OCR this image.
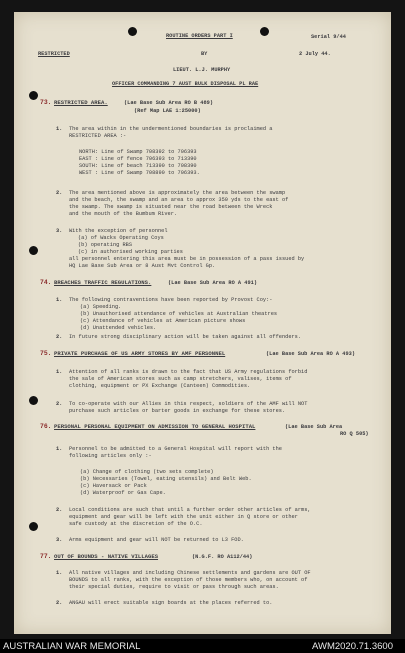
ROUTINE ORDERS PART I	Serial 9/44
RESTRICTED	BY	2 July 44.
LIEUT. L.J. MURPHY
OFFICER COMMANDING 7 AUST BULK DISPOSAL PL RAE
73. RESTRICTED AREA.	(Lae Base Sub Area RO B 489)
(Ref Map LAE 1:25000)
1. The area within in the undermentioned boundaries is proclaimed a
RESTRICTED AREA :-
NORTH: Line of Swamp 708392 to 706393
EAST : Line of fence 706393 to 713390
SOUTH: Line of beach 713390 to 708390
WEST : Line of Swamp 708890 to 706393.
2. The area mentioned above is approximately the area between the swamp
and the beach, the swamp and an area to approx 350 yds to the east of
the swamp. The swamp is situated near the road between the Wreck
and the mouth of the Bumbum River.
3. With the exception of personnel
(a) of Wacks Operating Coys
(b) operating RBS
(c) in authorised working parties
all personnel entering this area must be in possession of a pass issued by
HQ Lae Base Sub Area or 8 Aust Mvt Control Gp.
74. BREACHES TRAFFIC REGULATIONS.	(Lae Base Sub Area RO A 491)
1. The following contraventions have been reported by Provost Coy:-
(a) Speeding.
(b) Unauthorised attendance of vehicles at Australian theatres
(c) Attendance of vehicles at American picture shows
(d) Unattended vehicles.
2. In future strong disciplinary action will be taken against all offenders.
75. PRIVATE PURCHASE OF US ARMY STORES BY AMF PERSONNEL	(Lae Base Sub Area RO A 493)
1. Attention of all ranks is drawn to the fact that US Army regulations forbid
the sale of American stores such as camp stretchers, valises, items of
clothing, equipment or PX Exchange (Canteen) Commodities.
2. To co-operate with our Allies in this respect, soldiers of the AMF will NOT
purchase such articles or barter goods in exchange for these stores.
76. PERSONAL PERSONAL EQUIPMENT ON ADMISSION TO GENERAL HOSPITAL	(Lae Base Sub Area
RO Q 505)
1. Personnel to be admitted to a General Hospital will report with the
following articles only :-
(a) Change of clothing (two sets complete)
(b) Necessaries (Towel, eating utensils) and Belt Web.
(c) Haversack or Pack
(d) Waterproof or Gas Cape.
2. Local conditions are such that until a further order other articles of arms,
equipment and gear will be left with the unit either in Q store or other
safe custody at the discretion of the O.C.
3. Arms equipment and gear will NOT be returned to L3 FOD.
77. OUT OF BOUNDS - NATIVE VILLAGES	(N.G.F. RO A112/44)
1. All native villages and including Chinese settlements and gardens are OUT OF
BOUNDS to all ranks, with the exception of those members who, on account of
their special duties, require to visit or pass through such areas.
2. ANGAU will erect suitable sign boards at the places referred to.
AUSTRALIAN WAR MEMORIAL	AWM2020.71.3600
